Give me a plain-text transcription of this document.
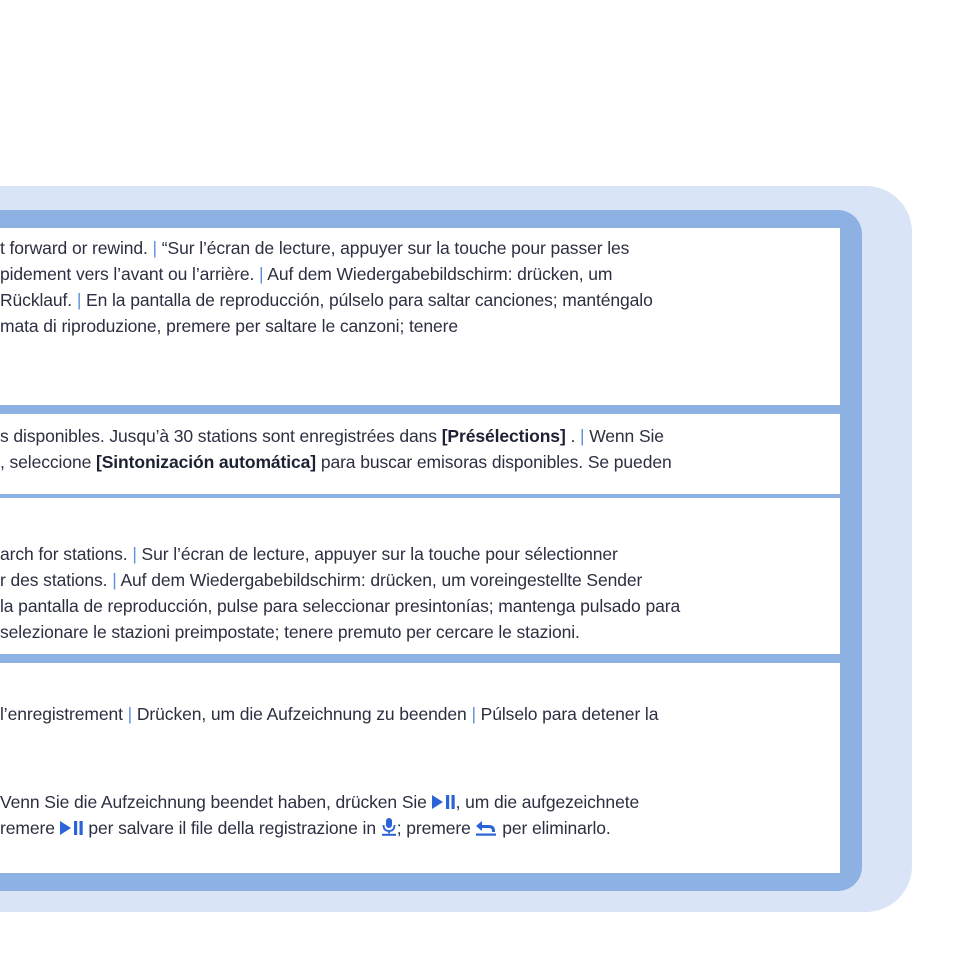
t forward or rewind. | “Sur l’écran de lecture, appuyer sur la touche pour passer les
pidement vers l’avant ou l’arrière. | Auf dem Wiedergabebildschirm: drücken, um
Rücklauf. | En la pantalla de reproducción, púlselo para saltar canciones; manténgalo
mata di riproduzione, premere per saltare le canzoni; tenere
s disponibles. Jusqu’à 30 stations sont enregistrées dans [Présélections] . | Wenn Sie
, seleccione [Sintonización automática] para buscar emisoras disponibles. Se pueden
arch for stations. | Sur l’écran de lecture, appuyer sur la touche pour sélectionner
r des stations. | Auf dem Wiedergabebildschirm: drücken, um voreingestellte Sender
la pantalla de reproducción, pulse para seleccionar presintonías; mantenga pulsado para
selezionare le stazioni preimpostate; tenere premuto per cercare le stazioni.
l’enregistrement | Drücken, um die Aufzeichnung zu beenden | Púlselo para detener la
Venn Sie die Aufzeichnung beendet haben, drücken Sie , um die aufgezeichnete
remere  per salvare il file della registrazione in ; premere  per eliminarlo.
